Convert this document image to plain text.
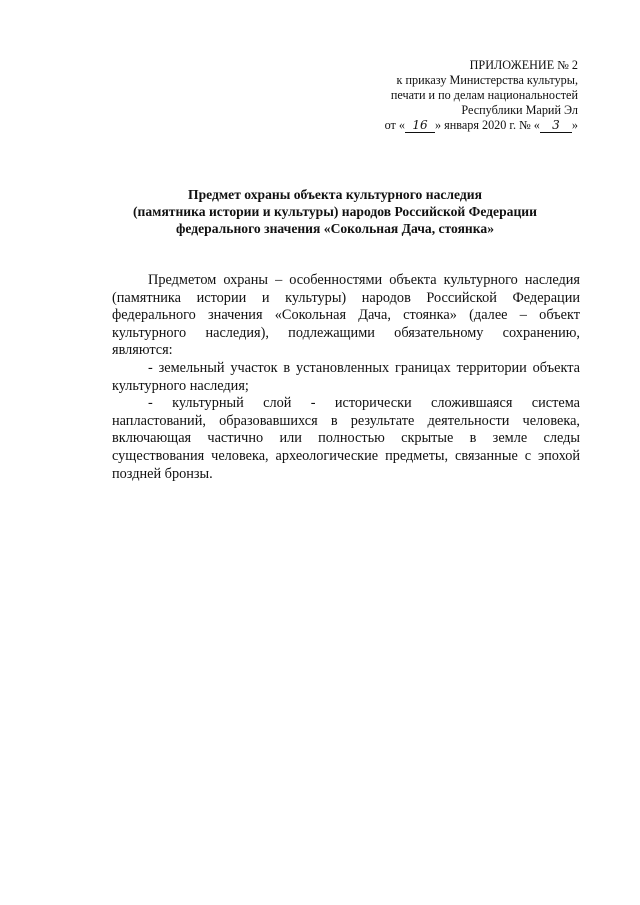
ПРИЛОЖЕНИЕ № 2
к приказу Министерства культуры,
печати и по делам национальностей
Республики Марий Эл
от « 16 » января 2020 г. № « 3 »
Предмет охраны объекта культурного наследия
(памятника истории и культуры) народов Российской Федерации
федерального значения «Сокольная Дача, стоянка»

Предметом охраны – особенностями объекта культурного наследия (памятника истории и культуры) народов Российской Федерации федерального значения «Сокольная Дача, стоянка» (далее – объект культурного наследия), подлежащими обязательному сохранению, являются:

- земельный участок в установленных границах территории объекта культурного наследия;

- культурный слой - исторически сложившаяся система напластований, образовавшихся в результате деятельности человека, включающая частично или полностью скрытые в земле следы существования человека, археологические предметы, связанные с эпохой поздней бронзы.
